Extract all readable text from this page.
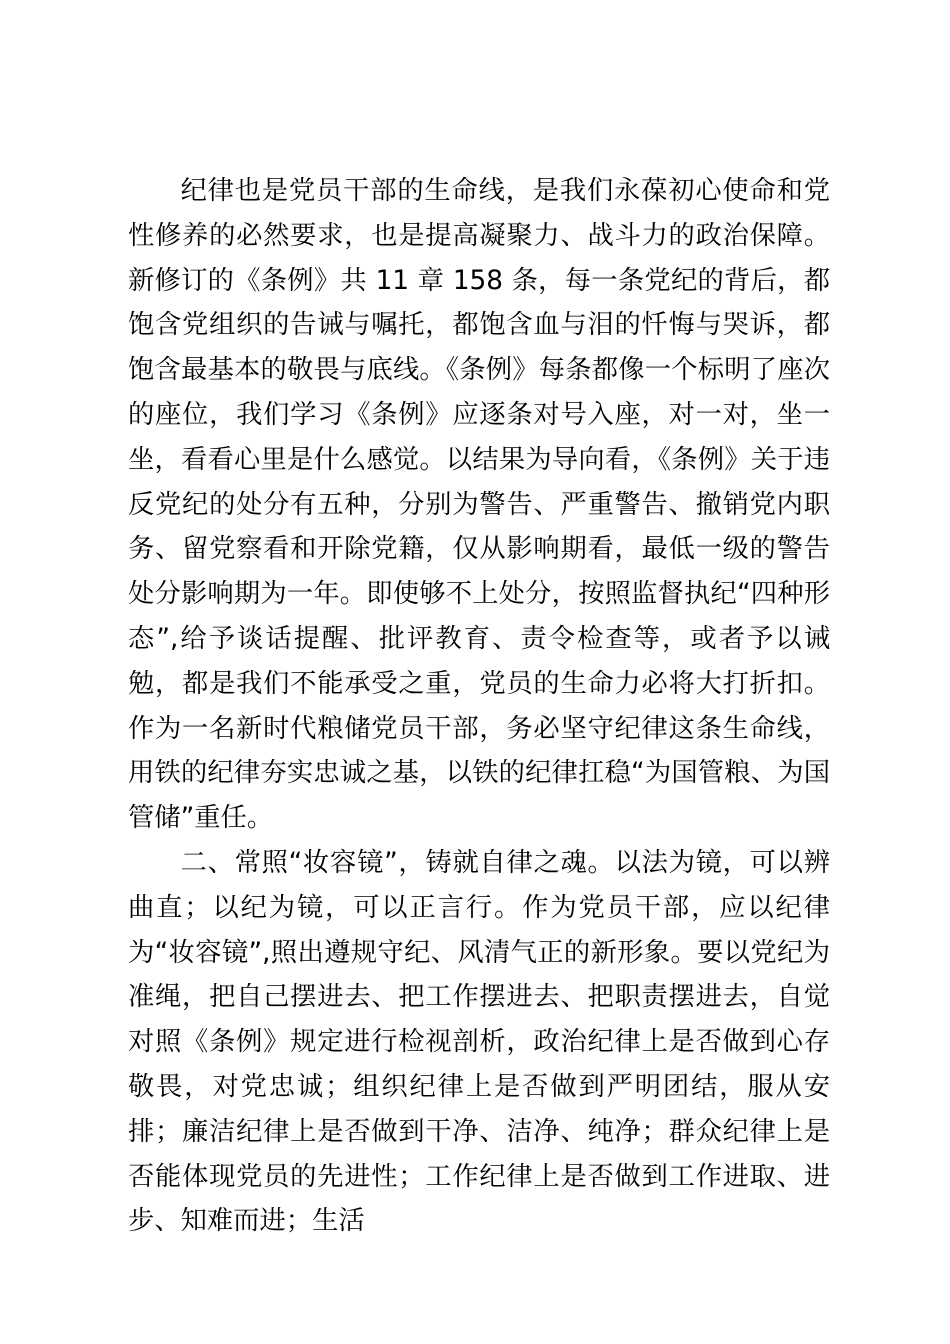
纪律也是党员干部的生命线，是我们永葆初心使命和党性修养的必然要求，也是提高凝聚力、战斗力的政治保障。新修订的《条例》共 11 章 158 条，每一条党纪的背后，都饱含党组织的告诫与嘱托，都饱含血与泪的忏悔与哭诉，都饱含最基本的敬畏与底线。《条例》每条都像一个标明了座次的座位，我们学习《条例》应逐条对号入座，对一对，坐一坐，看看心里是什么感觉。以结果为导向看，《条例》关于违反党纪的处分有五种，分别为警告、严重警告、撤销党内职务、留党察看和开除党籍，仅从影响期看，最低一级的警告处分影响期为一年。即使够不上处分，按照监督执纪“四种形态”,给予谈话提醒、批评教育、责令检查等，或者予以诫勉，都是我们不能承受之重，党员的生命力必将大打折扣。作为一名新时代粮储党员干部，务必坚守纪律这条生命线，用铁的纪律夯实忠诚之基，以铁的纪律扛稳“为国管粮、为国管储”重任。

二、常照“妆容镜”，铸就自律之魂。以法为镜，可以辨曲直；以纪为镜，可以正言行。作为党员干部，应以纪律为“妆容镜”,照出遵规守纪、风清气正的新形象。要以党纪为准绳，把自己摆进去、把工作摆进去、把职责摆进去，自觉对照《条例》规定进行检视剖析，政治纪律上是否做到心存敬畏，对党忠诚；组织纪律上是否做到严明团结，服从安排；廉洁纪律上是否做到干净、洁净、纯净；群众纪律上是否能体现党员的先进性；工作纪律上是否做到工作进取、进步、知难而进；生活
